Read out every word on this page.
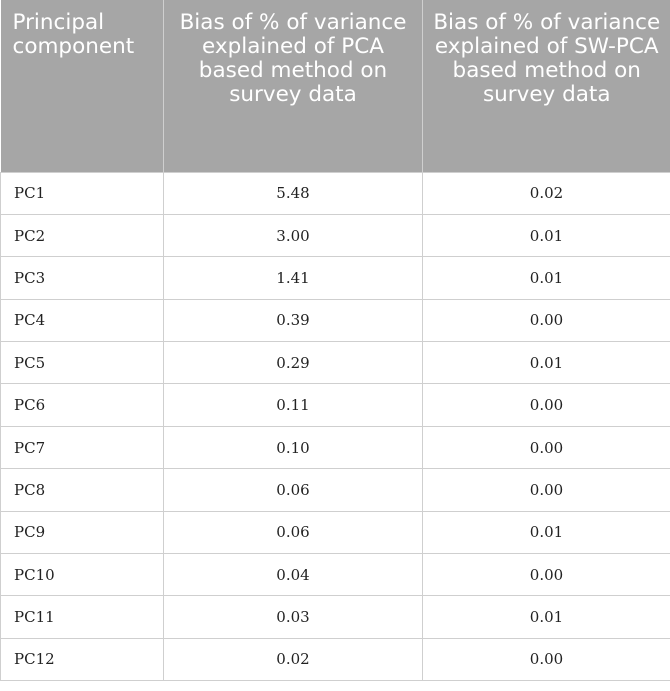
Principal component	Bias of % of variance explained of PCA based method on survey data	Bias of % of variance explained of SW-PCA based method on survey data
PC1	5.48	0.02
PC2	3.00	0.01
PC3	1.41	0.01
PC4	0.39	0.00
PC5	0.29	0.01
PC6	0.11	0.00
PC7	0.10	0.00
PC8	0.06	0.00
PC9	0.06	0.01
PC10	0.04	0.00
PC11	0.03	0.01
PC12	0.02	0.00
